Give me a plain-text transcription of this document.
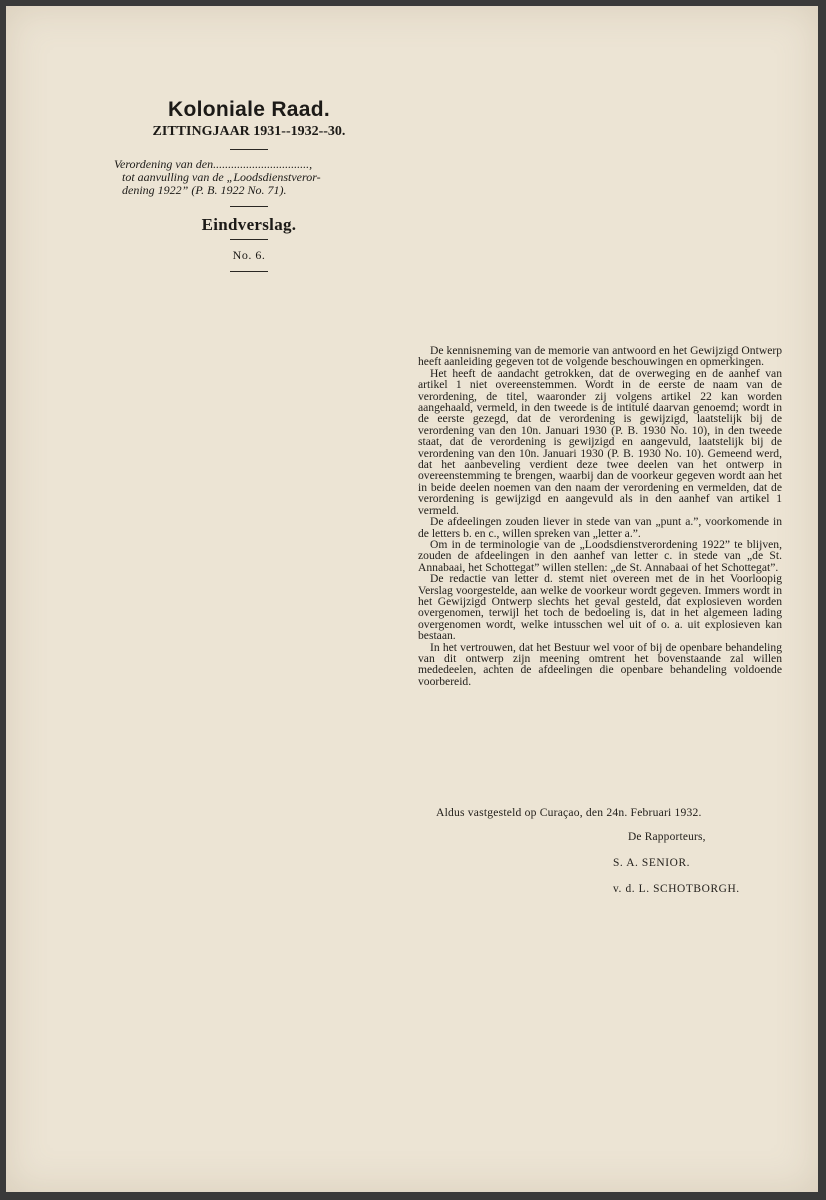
Koloniale Raad.
ZITTINGJAAR 1931--1932--30.
Verordening van den................................,
tot aanvulling van de „Loodsdienstveror-
dening 1922” (P. B. 1922 No. 71).
Eindverslag.
No. 6.

De kennisneming van de memorie van antwoord en het Gewijzigd Ontwerp heeft aanleiding gegeven tot de volgende beschouwingen en opmerkingen.

Het heeft de aandacht getrokken, dat de overweging en de aanhef van artikel 1 niet overeenstemmen. Wordt in de eerste de naam van de verordening, de titel, waaronder zij volgens artikel 22 kan worden aangehaald, vermeld, in den tweede is de intitulé daarvan genoemd; wordt in de eerste gezegd, dat de verordening is gewijzigd, laatstelijk bij de verordening van den 10n. Januari 1930 (P. B. 1930 No. 10), in den tweede staat, dat de verordening is gewijzigd en aangevuld, laatstelijk bij de verordening van den 10n. Januari 1930 (P. B. 1930 No. 10). Gemeend werd, dat het aanbeveling verdient deze twee deelen van het ontwerp in overeenstemming te brengen, waarbij dan de voorkeur gegeven wordt aan het in beide deelen noemen van den naam der verordening en vermelden, dat de verordening is gewijzigd en aangevuld als in den aanhef van artikel 1 vermeld.

De afdeelingen zouden liever in stede van van „punt a.”, voorkomende in de letters b. en c., willen spreken van „letter a.”.

Om in de terminologie van de „Loodsdienstverordening 1922” te blijven, zouden de afdeelingen in den aanhef van letter c. in stede van „de St. Annabaai, het Schottegat” willen stellen: „de St. Annabaai of het Schottegat”.

De redactie van letter d. stemt niet overeen met de in het Voorloopig Verslag voorgestelde, aan welke de voorkeur wordt gegeven. Immers wordt in het Gewijzigd Ontwerp slechts het geval gesteld, dat explosieven worden overgenomen, terwijl het toch de bedoeling is, dat in het algemeen lading overgenomen wordt, welke intusschen wel uit of o. a. uit explosieven kan bestaan.

In het vertrouwen, dat het Bestuur wel voor of bij de openbare behandeling van dit ontwerp zijn meening omtrent het bovenstaande zal willen mededeelen, achten de afdeelingen die openbare behandeling voldoende voorbereid.

Aldus vastgesteld op Curaçao, den 24n. Februari 1932.
De Rapporteurs,
S. A. SENIOR.
v. d. L. SCHOTBORGH.
